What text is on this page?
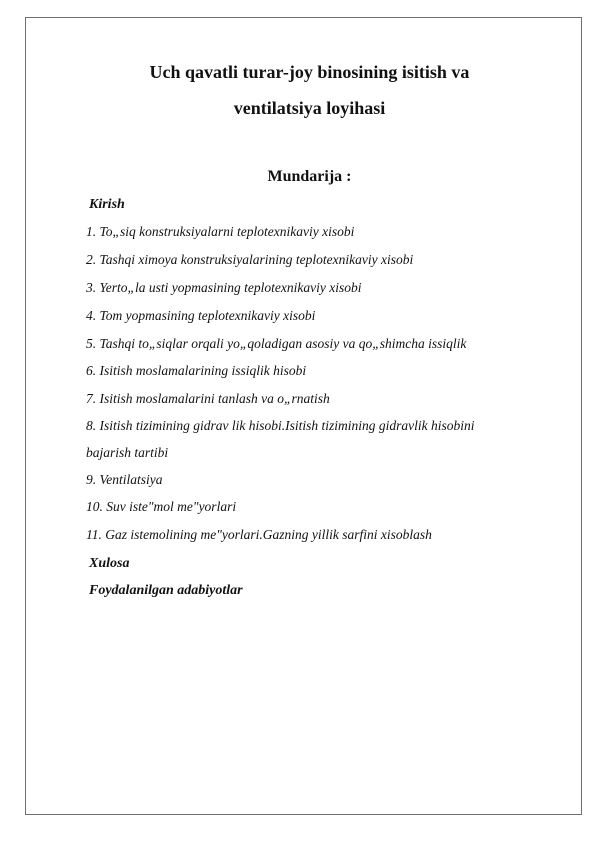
Uch qavatli turar-joy binosining isitish va
ventilatsiya loyihasi
Mundarija :
Kirish
1. To„siq konstruksiyalarni teplotexnikaviy xisobi
2. Tashqi ximoya konstruksiyalarining teplotexnikaviy xisobi
3. Yerto„la usti yopmasining teplotexnikaviy xisobi
4. Tom yopmasining teplotexnikaviy xisobi
5. Tashqi to„siqlar orqali yo„qoladigan asosiy va qo„shimcha issiqlik
6. Isitish moslamalarining issiqlik hisobi
7. Isitish moslamalarini tanlash va o„rnatish
8. Isitish tizimining gidrav lik hisobi.Isitish tizimining gidravlik hisobini
bajarish tartibi
9. Ventilatsiya
10. Suv iste"mol me"yorlari
11. Gaz istemolining me"yorlari.Gazning yillik sarfini xisoblash
Xulosa
Foydalanilgan adabiyotlar
